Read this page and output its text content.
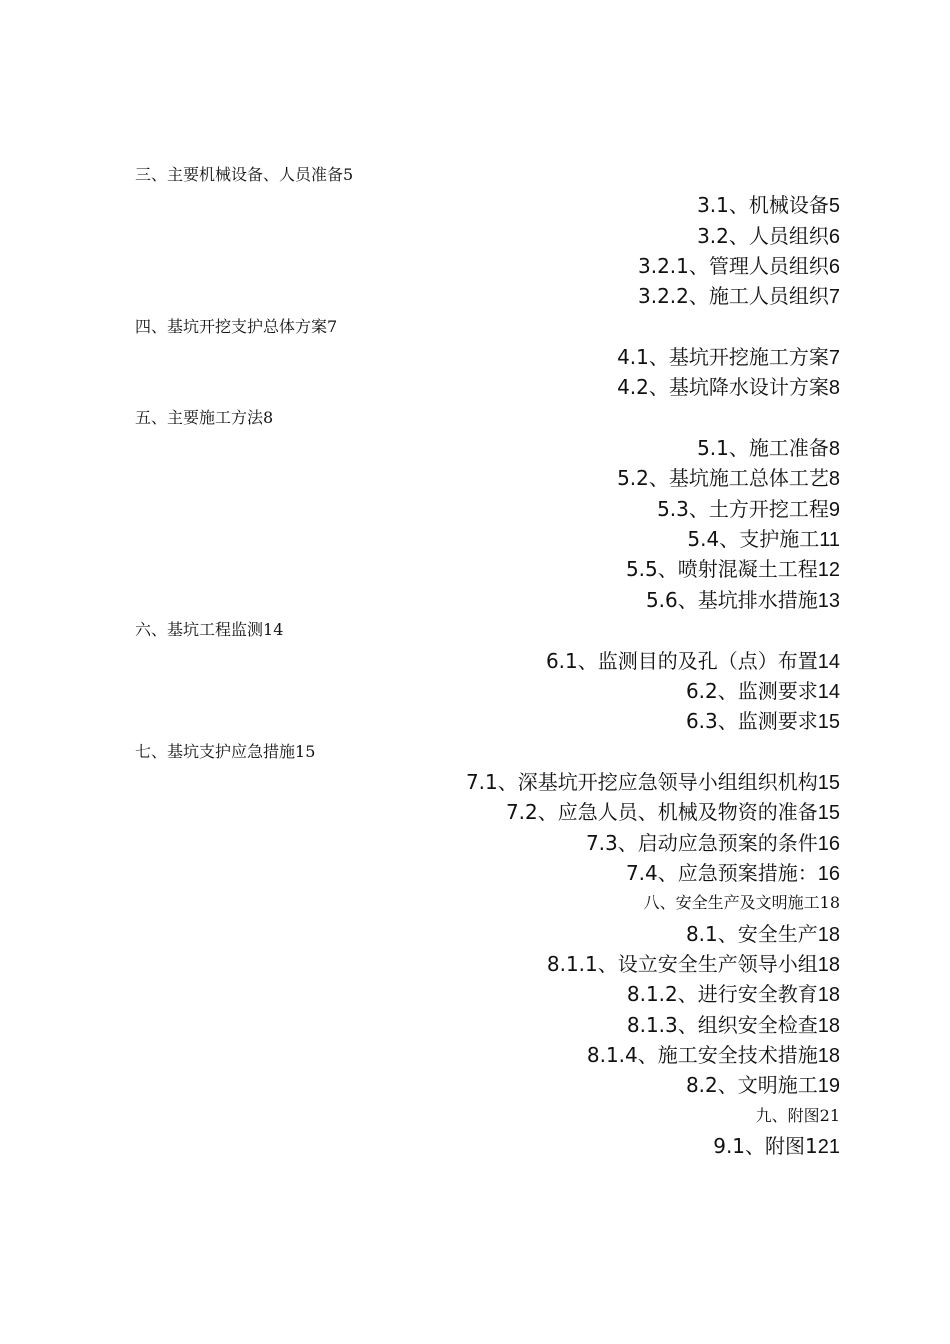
三、主要机械设备、人员准备5
3.1、机械设备5
3.2、人员组织6
3.2.1、管理人员组织6
3.2.2、施工人员组织7
四、基坑开挖支护总体方案7
4.1、基坑开挖施工方案7
4.2、基坑降水设计方案8
五、主要施工方法8
5.1、施工准备8
5.2、基坑施工总体工艺8
5.3、土方开挖工程9
5.4、支护施工11
5.5、喷射混凝土工程12
5.6、基坑排水措施13
六、基坑工程监测14
6.1、监测目的及孔（点）布置14
6.2、监测要求14
6.3、监测要求15
七、基坑支护应急措施15
7.1、深基坑开挖应急领导小组组织机构15
7.2、应急人员、机械及物资的准备15
7.3、启动应急预案的条件16
7.4、应急预案措施：16
八、安全生产及文明施工18
8.1、安全生产18
8.1.1、设立安全生产领导小组18
8.1.2、进行安全教育18
8.1.3、组织安全检查18
8.1.4、施工安全技术措施18
8.2、文明施工19
九、附图21
9.1、附图121
